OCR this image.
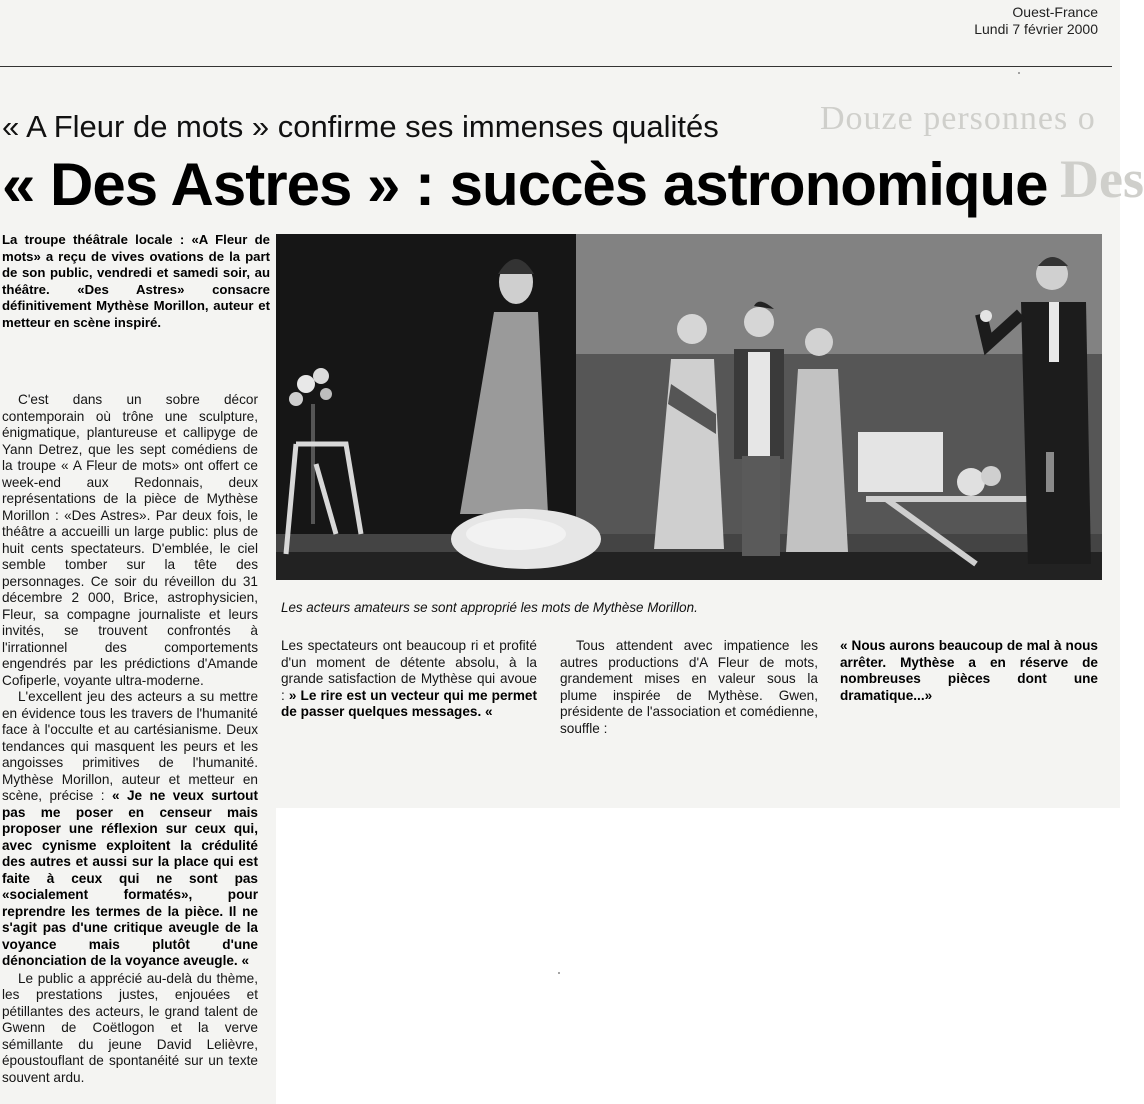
Ouest-France
Lundi 7 février 2000
Douze personnes o
Des
« A Fleur de mots » confirme ses immenses qualités
« Des Astres » : succès astronomique
La troupe théâtrale locale : «A Fleur de mots» a reçu de vives ovations de la part de son public, vendredi et samedi soir, au théâtre. «Des Astres» consacre définitivement Mythèse Morillon, auteur et metteur en scène inspiré.

C'est dans un sobre décor contemporain où trône une sculpture, énigmatique, plantureuse et callipyge de Yann Detrez, que les sept comédiens de la troupe « A Fleur de mots» ont offert ce week-end aux Redonnais, deux représentations de la pièce de Mythèse Morillon : «Des Astres». Par deux fois, le théâtre a accueilli un large public: plus de huit cents spectateurs. D'emblée, le ciel semble tomber sur la tête des personnages. Ce soir du réveillon du 31 décembre 2 000, Brice, astrophysicien, Fleur, sa compagne journaliste et leurs invités, se trouvent confrontés à l'irrationnel des comportements engendrés par les prédictions d'Amande Cofiperle, voyante ultra-moderne.

L'excellent jeu des acteurs a su mettre en évidence tous les travers de l'humanité face à l'occulte et au cartésianisme. Deux tendances qui masquent les peurs et les angoisses primitives de l'humanité. Mythèse Morillon, auteur et metteur en scène, précise : « Je ne veux surtout pas me poser en censeur mais proposer une réflexion sur ceux qui, avec cynisme exploitent la crédulité des autres et aussi sur la place qui est faite à ceux qui ne sont pas «socialement formatés», pour reprendre les termes de la pièce. Il ne s'agit pas d'une critique aveugle de la voyance mais plutôt d'une dénonciation de la voyance aveugle. «

Le public a apprécié au-delà du thème, les prestations justes, enjouées et pétillantes des acteurs, le grand talent de Gwenn de Coëtlogon et la verve sémillante du jeune David Lelièvre, époustouflant de spontanéité sur un texte souvent ardu.

Les acteurs amateurs se sont approprié les mots de Mythèse Morillon.

Les spectateurs ont beaucoup ri et profité d'un moment de détente absolu, à la grande satisfaction de Mythèse qui avoue : » Le rire est un vecteur qui me permet de passer quelques messages. «

Tous attendent avec impatience les autres productions d'A Fleur de mots, grandement mises en valeur sous la plume inspirée de Mythèse. Gwen, présidente de l'association et comédienne, souffle :

« Nous aurons beaucoup de mal à nous arrêter. Mythèse a en réserve de nombreuses pièces dont une dramatique...»
